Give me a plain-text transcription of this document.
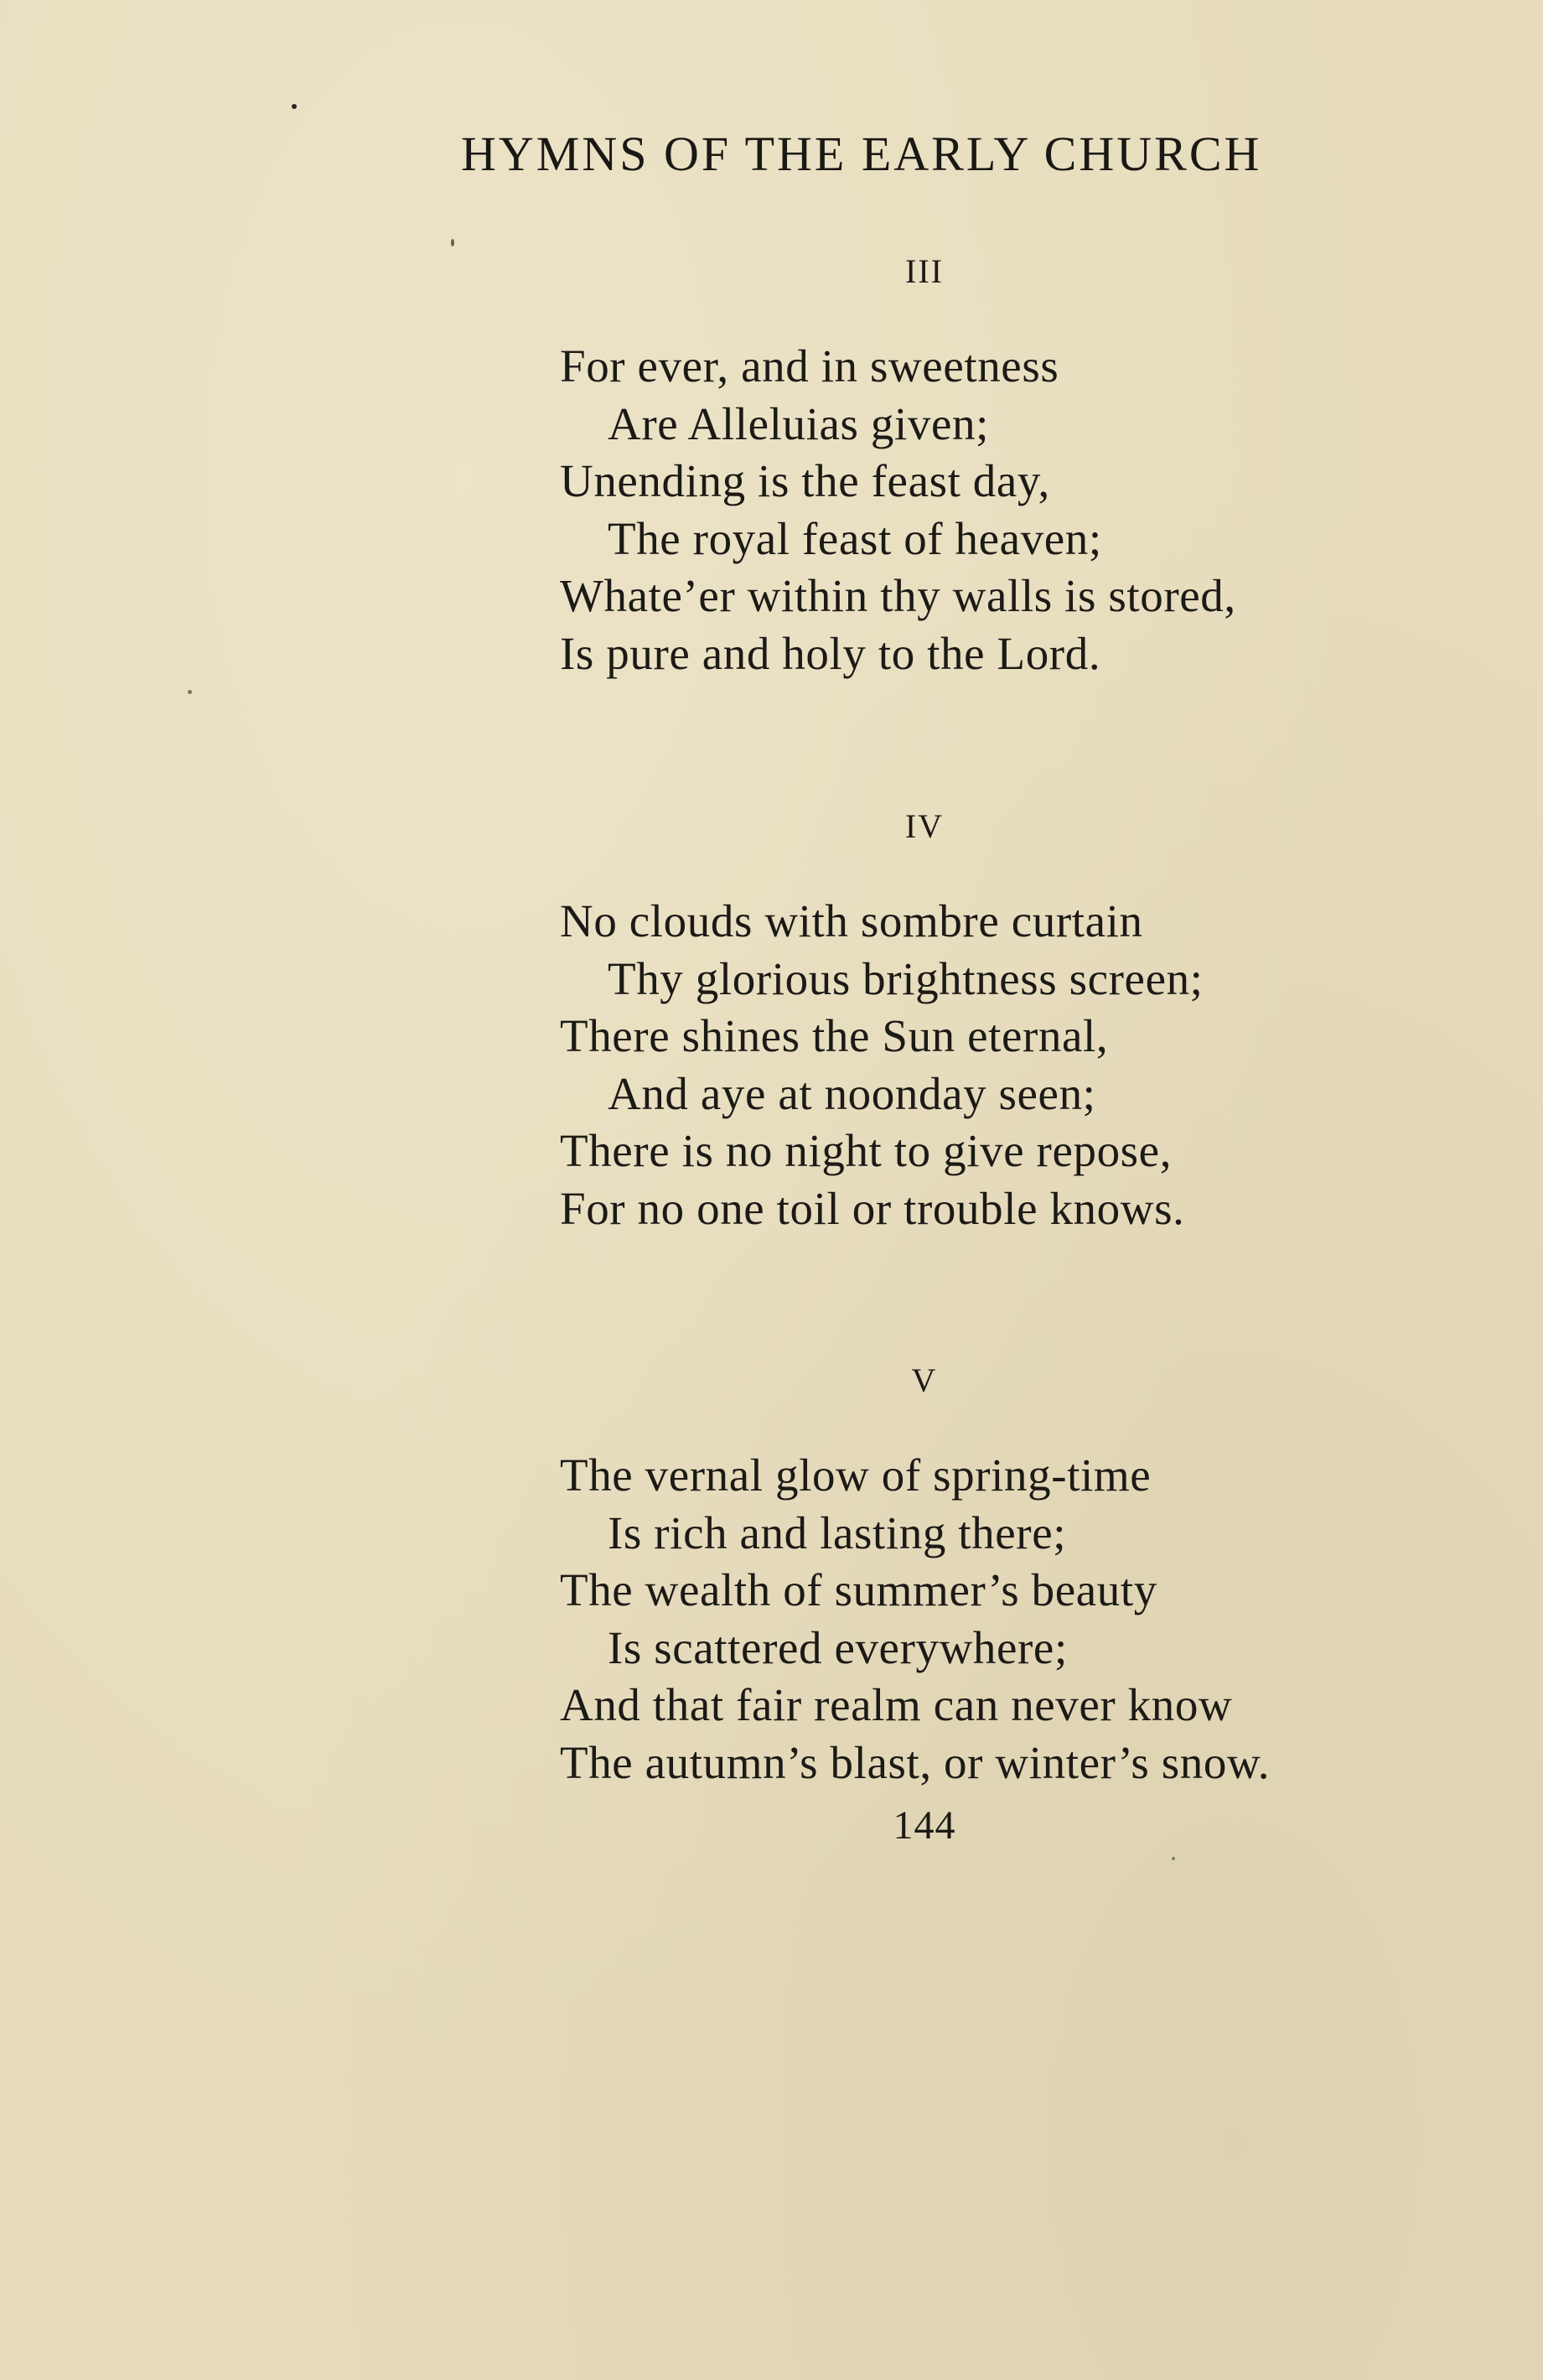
HYMNS OF THE EARLY CHURCH
III
For ever, and in sweetness
Are Alleluias given;
Unending is the feast day,
The royal feast of heaven;
Whate’er within thy walls is stored,
Is pure and holy to the Lord.
IV
No clouds with sombre curtain
Thy glorious brightness screen;
There shines the Sun eternal,
And aye at noonday seen;
There is no night to give repose,
For no one toil or trouble knows.
V
The vernal glow of spring-time
Is rich and lasting there;
The wealth of summer’s beauty
Is scattered everywhere;
And that fair realm can never know
The autumn’s blast, or winter’s snow.
144
